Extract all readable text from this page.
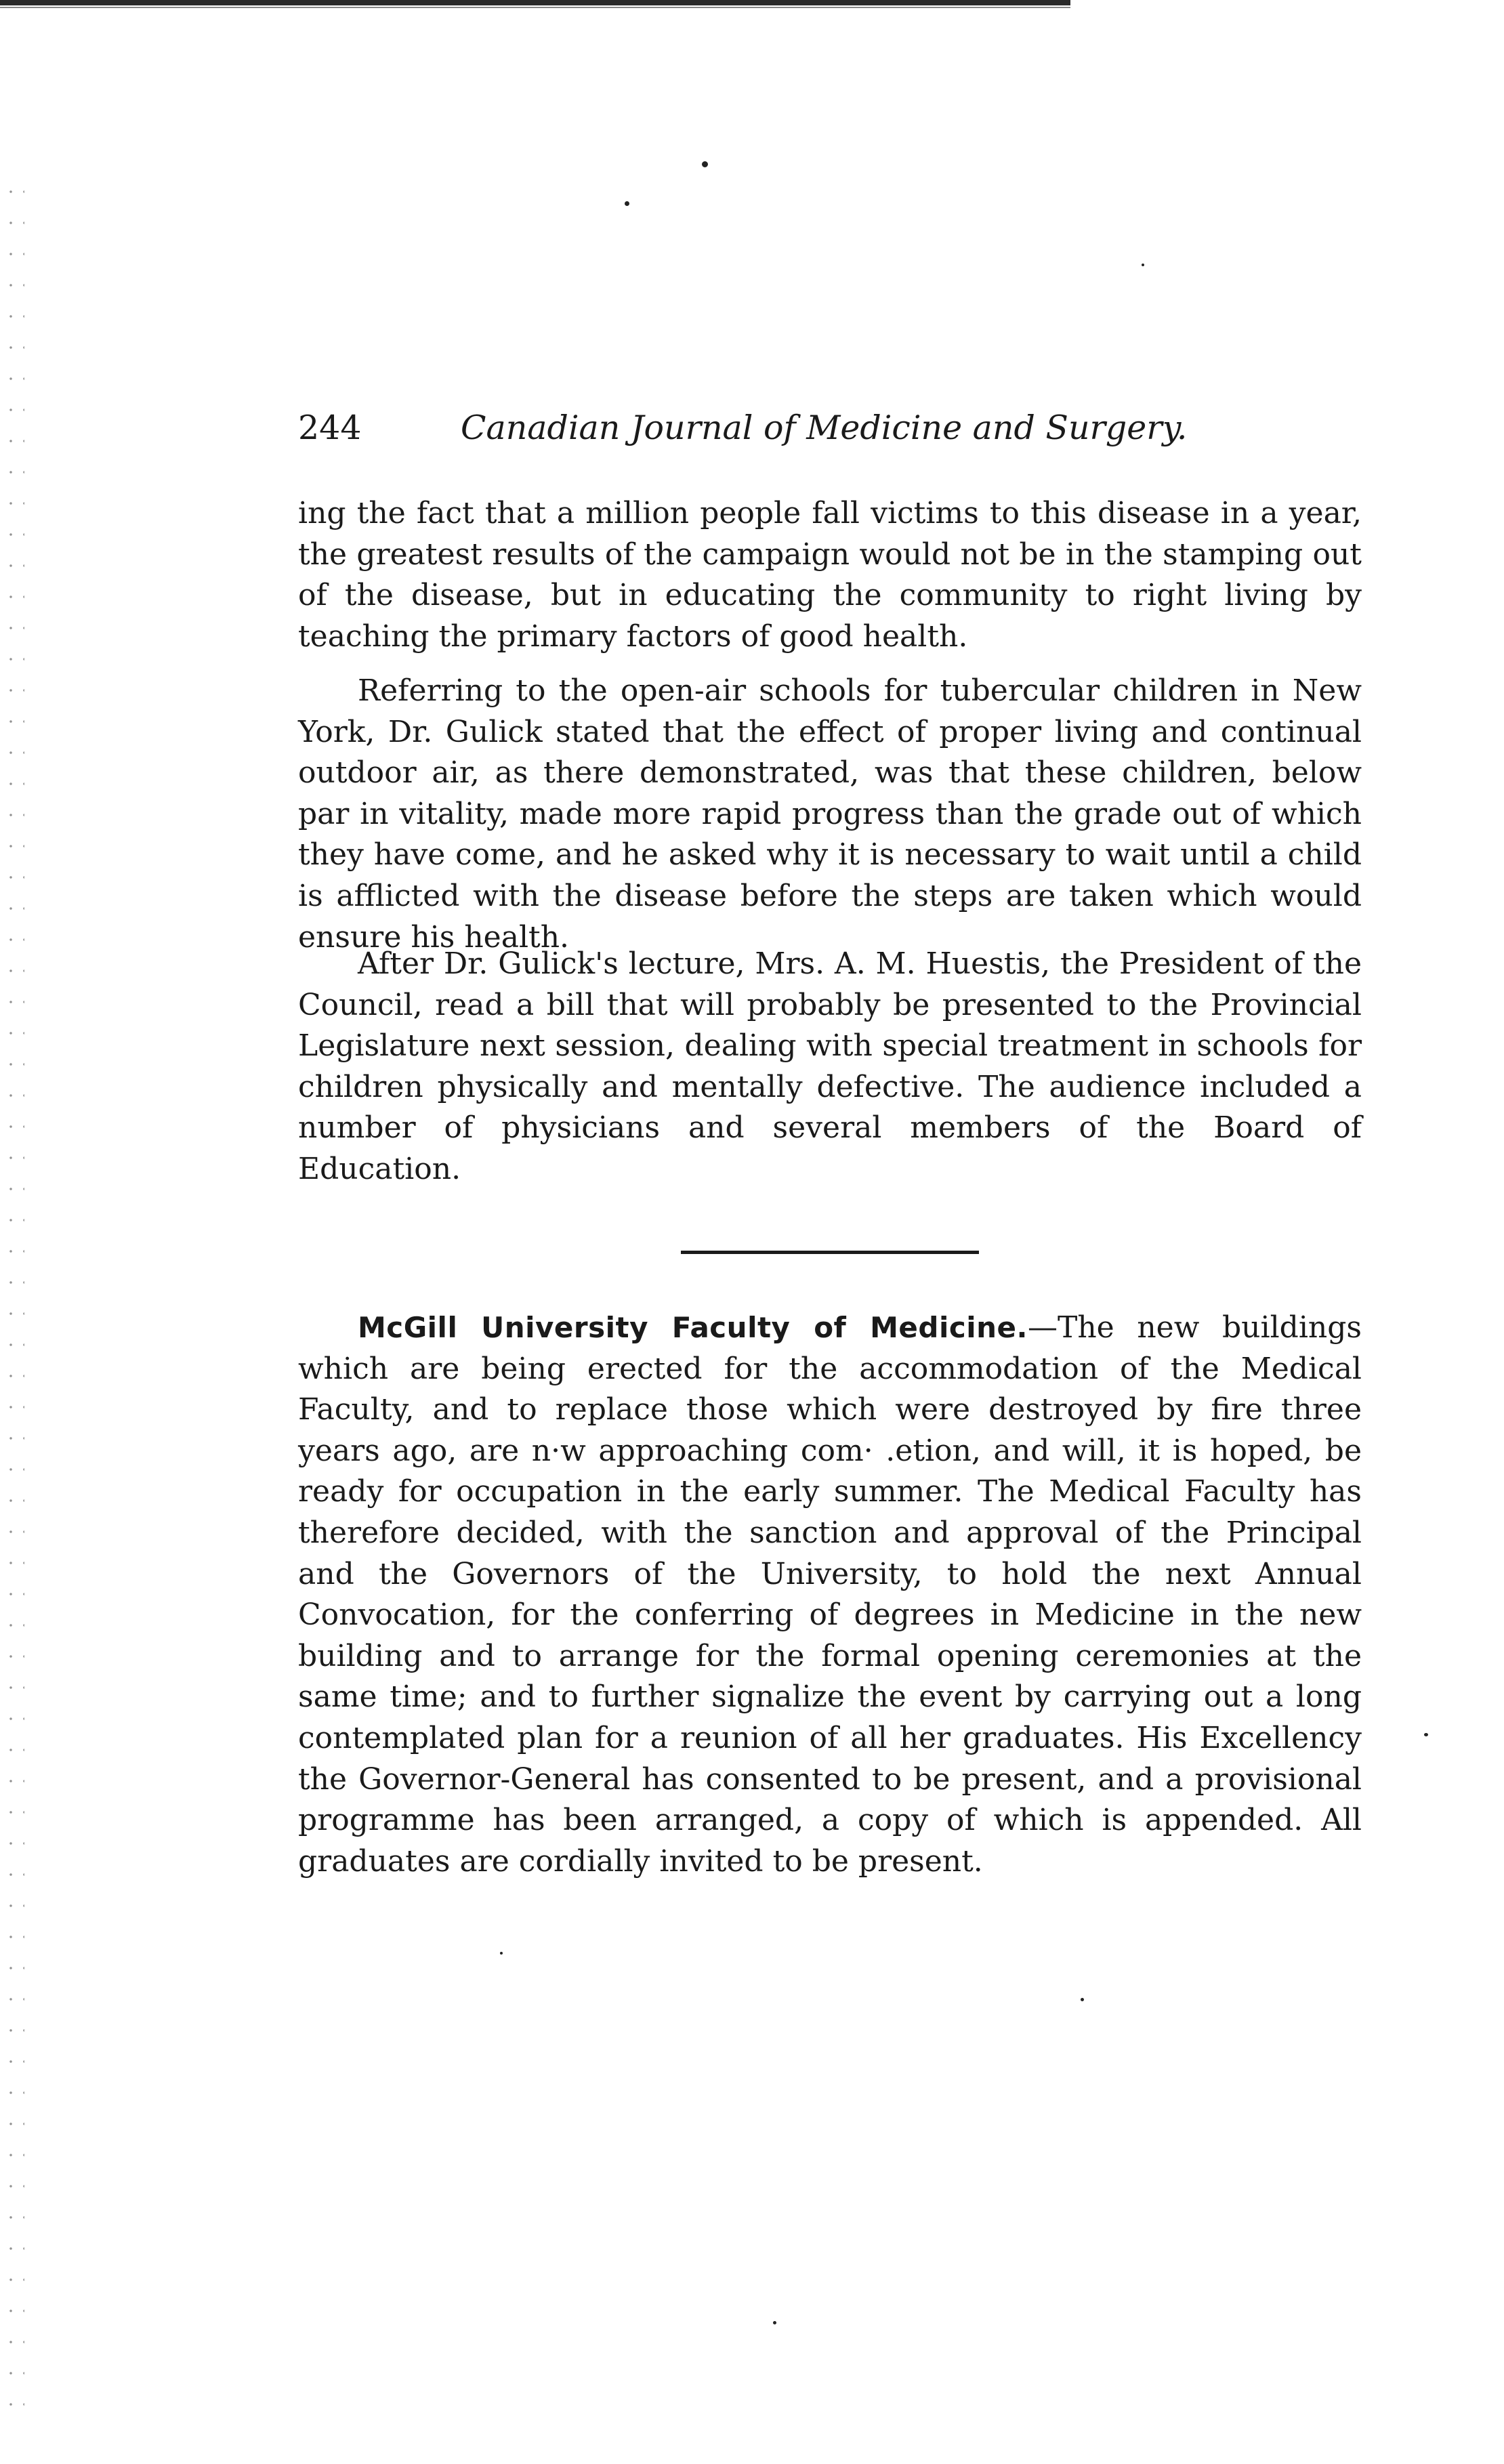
244	Canadian Journal of Medicine and Surgery.

ing the fact that a million people fall victims to this disease in a year, the greatest results of the campaign would not be in the stamping out of the disease, but in educating the community to right living by teaching the primary factors of good health.

Referring to the open-air schools for tubercular children in New York, Dr. Gulick stated that the effect of proper living and continual outdoor air, as there demonstrated, was that these children, below par in vitality, made more rapid progress than the grade out of which they have come, and he asked why it is necessary to wait until a child is afflicted with the disease before the steps are taken which would ensure his health.

After Dr. Gulick's lecture, Mrs. A. M. Huestis, the President of the Council, read a bill that will probably be presented to the Provincial Legislature next session, dealing with special treatment in schools for children physically and mentally defective. The audience included a number of physicians and several members of the Board of Education.

McGill University Faculty of Medicine.—The new buildings which are being erected for the accommodation of the Medical Faculty, and to replace those which were destroyed by fire three years ago, are n·w approaching com· .etion, and will, it is hoped, be ready for occupation in the early summer. The Medical Faculty has therefore decided, with the sanction and approval of the Principal and the Governors of the University, to hold the next Annual Convocation, for the conferring of degrees in Medicine in the new building and to arrange for the formal opening ceremonies at the same time; and to further signalize the event by carrying out a long contemplated plan for a reunion of all her graduates. His Excellency the Governor-General has consented to be present, and a provisional programme has been arranged, a copy of which is appended. All graduates are cordially invited to be present.
